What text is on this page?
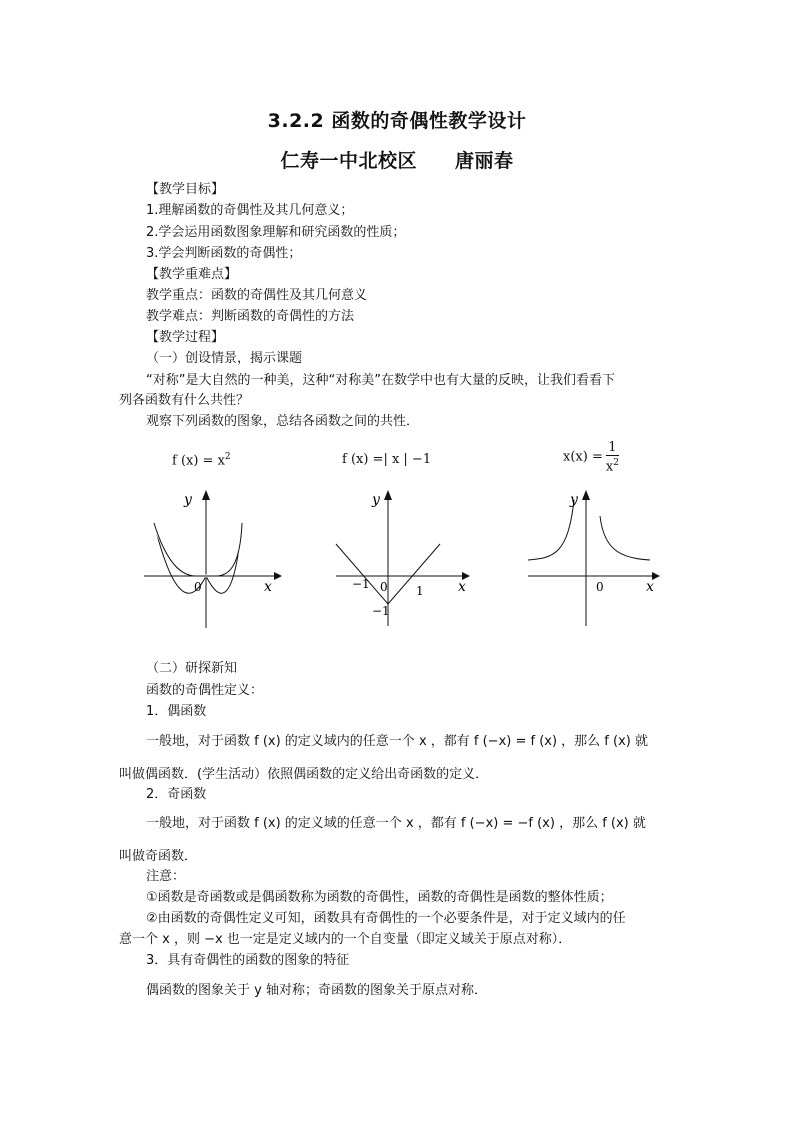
3.2.2 函数的奇偶性教学设计
仁寿一中北校区 唐丽春
【教学目标】
1.理解函数的奇偶性及其几何意义；
2.学会运用函数图象理解和研究函数的性质；
3.学会判断函数的奇偶性；
【教学重难点】
教学重点：函数的奇偶性及其几何意义
教学难点：判断函数的奇偶性的方法
【教学过程】
（一）创设情景，揭示课题
“对称”是大自然的一种美，这种“对称美”在数学中也有大量的反映，让我们看看下
列各函数有什么共性？
观察下列函数的图象，总结各函数之间的共性．
f $(x) = x^2$
y
x
0
f (x) =| x | −1
y
x
0
−1	1
−1
$x(x) = \frac{1}{x^2}$
y
x
0
（二）研探新知
函数的奇偶性定义：
1．偶函数
一般地，对于函数 f (x) 的定义域内的任意一个 x ，都有 f (−x) = f (x) ，那么 f (x) 就
叫做偶函数．(学生活动）依照偶函数的定义给出奇函数的定义．
2．奇函数
一般地，对于函数 f (x) 的定义域的任意一个 x ，都有 f (−x) = −f (x) ，那么 f (x) 就
叫做奇函数．
注意：
①函数是奇函数或是偶函数称为函数的奇偶性，函数的奇偶性是函数的整体性质；
②由函数的奇偶性定义可知，函数具有奇偶性的一个必要条件是，对于定义域内的任
意一个 x ，则 −x 也一定是定义域内的一个自变量（即定义域关于原点对称）．
3．具有奇偶性的函数的图象的特征
偶函数的图象关于 y 轴对称；奇函数的图象关于原点对称．
